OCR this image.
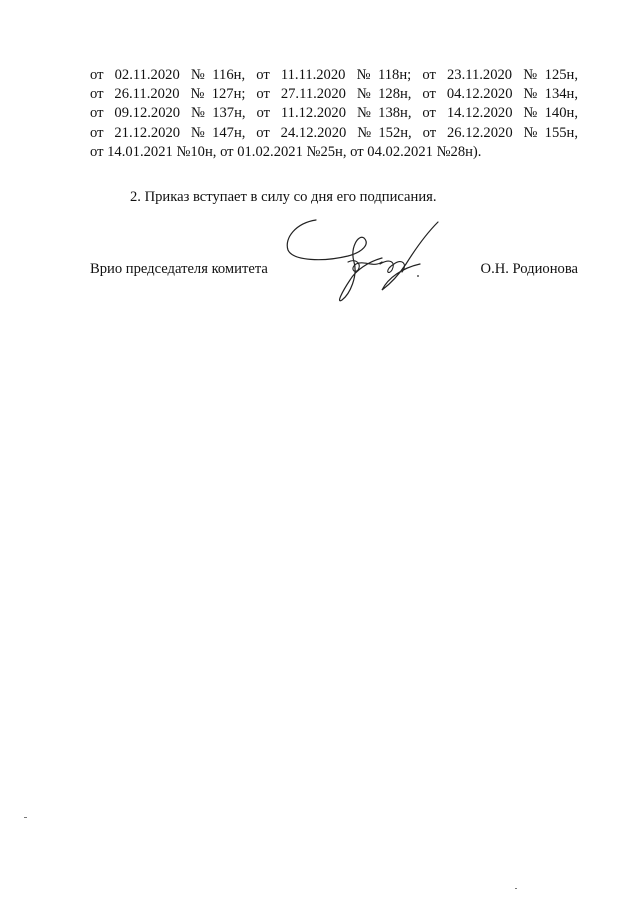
от 02.11.2020 №116н, от 11.11.2020 №118н; от 23.11.2020 №125н,
от 26.11.2020 №127н; от 27.11.2020 №128н, от 04.12.2020 №134н,
от 09.12.2020 №137н, от 11.12.2020 №138н, от 14.12.2020 №140н,
от 21.12.2020 №147н, от 24.12.2020 №152н, от 26.12.2020 №155н,
от 14.01.2021 №10н, от 01.02.2021 №25н, от 04.02.2021 №28н).
2. Приказ вступает в силу со дня его подписания.
Врио председателя комитета	О.Н. Родионова
